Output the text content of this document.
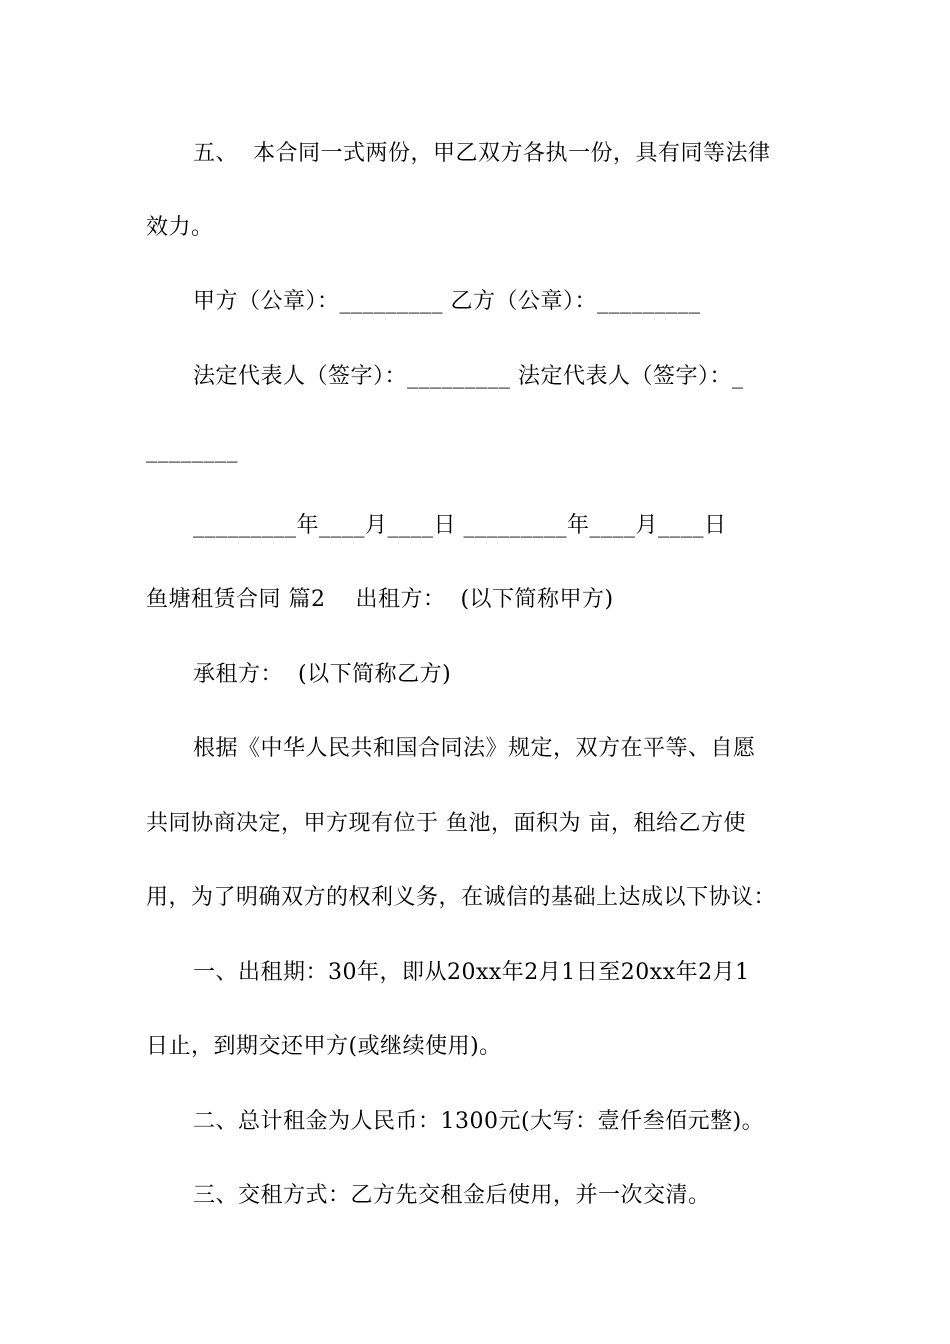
五、  本合同一式两份，甲乙双方各执一份，具有同等法律
效力。
甲方（公章）：_________ 乙方（公章）：_________
法定代表人（签字）：_________ 法定代表人（签字）：_
________
_________年____月____日 _________年____月____日
鱼塘租赁合同 篇2    出租方：  (以下简称甲方)
承租方：  (以下简称乙方)
根据《中华人民共和国合同法》规定，双方在平等、自愿
共同协商决定，甲方现有位于 鱼池，面积为 亩，租给乙方使
用，为了明确双方的权利义务，在诚信的基础上达成以下协议：
一、出租期：30年，即从20xx年2月1日至20xx年2月1
日止，到期交还甲方(或继续使用)。
二、总计租金为人民币：1300元(大写：壹仟叁佰元整)。
三、交租方式：乙方先交租金后使用，并一次交清。
